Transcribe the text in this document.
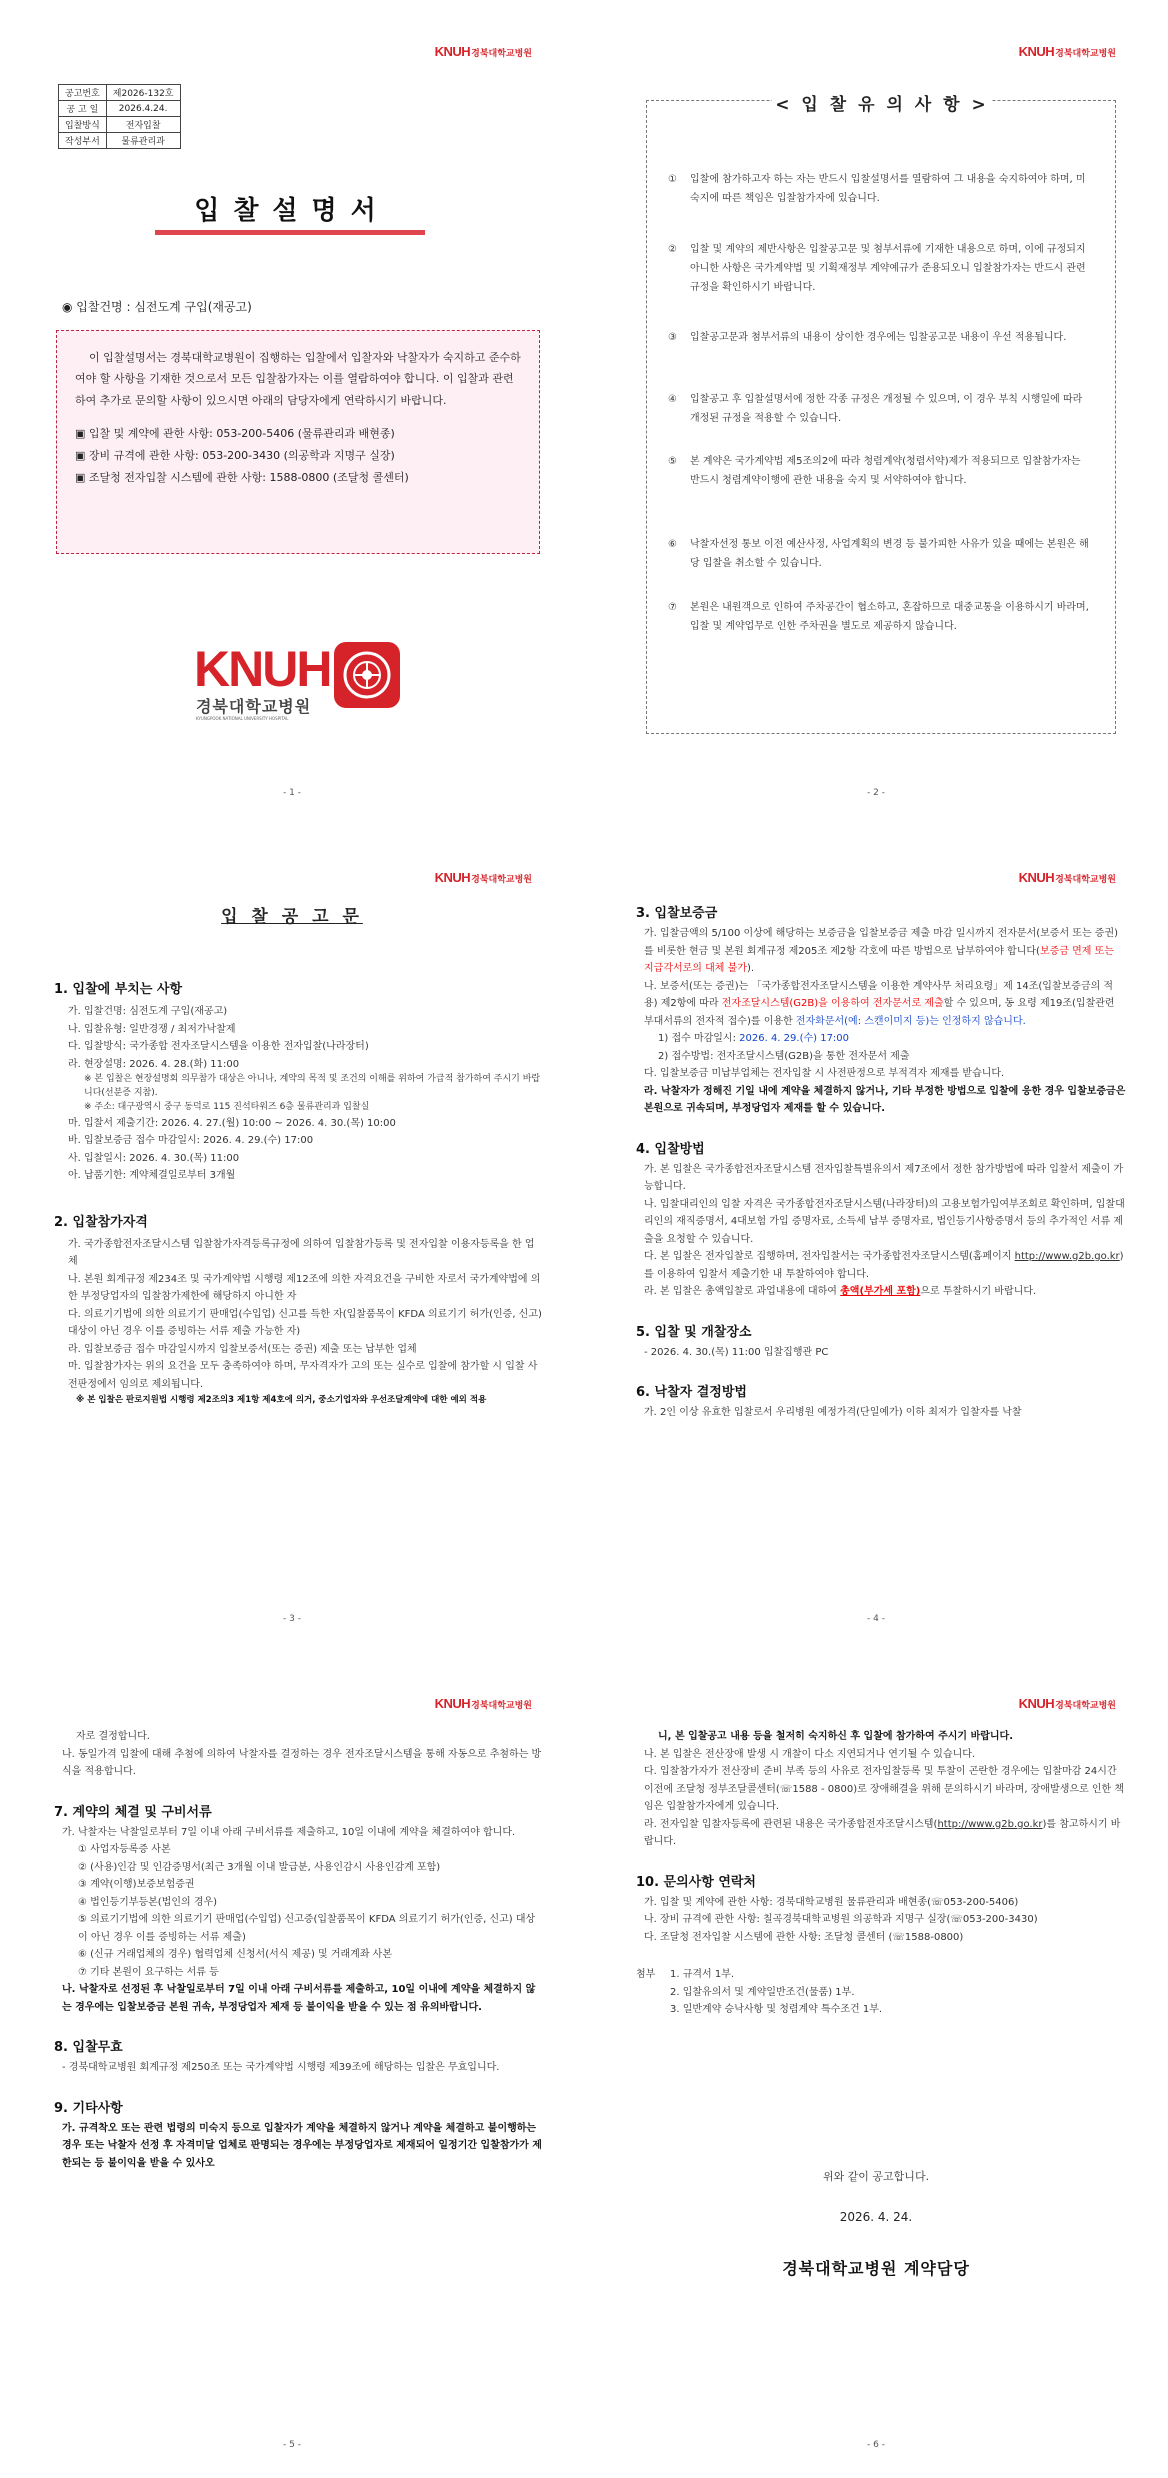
KNUH경북대학교병원
공고번호	제2026-132호
공 고 일	2026.4.24.
입찰방식	전자입찰
작성부서	물류관리과
입찰설명서
◉ 입찰건명 : 심전도계 구입(재공고)

이 입찰설명서는 경북대학교병원이 집행하는 입찰에서 입찰자와 낙찰자가 숙지하고 준수하여야 할 사항을 기재한 것으로서 모든 입찰참가자는 이를 열람하여야 합니다. 이 입찰과 관련하여 추가로 문의할 사항이 있으시면 아래의 담당자에게 연락하시기 바랍니다.

▣ 입찰 및 계약에 관한 사항: 053-200-5406 (물류관리과 배현종)
▣ 장비 규격에 관한 사항: 053-200-3430 (의공학과 지명구 실장)
▣ 조달청 전자입찰 시스템에 관한 사항: 1588-0800 (조달청 콜센터)
KNUH
경북대학교병원
KYUNGPOOK NATIONAL UNIVERSITY HOSPITAL
- 1 -
KNUH경북대학교병원
< 입 찰 유 의 사 항 >
①	입찰에 참가하고자 하는 자는 반드시 입찰설명서를 열람하여 그 내용을 숙지하여야 하며, 미숙지에 따른 책임은 입찰참가자에 있습니다.
②	입찰 및 계약의 제반사항은 입찰공고문 및 첨부서류에 기재한 내용으로 하며, 이에 규정되지 아니한 사항은 국가계약법 및 기획재정부 계약예규가 준용되오니 입찰참가자는 반드시 관련 규정을 확인하시기 바랍니다.
③	입찰공고문과 첨부서류의 내용이 상이한 경우에는 입찰공고문 내용이 우선 적용됩니다.
④	입찰공고 후 입찰설명서에 정한 각종 규정은 개정될 수 있으며, 이 경우 부칙 시행일에 따라 개정된 규정을 적용할 수 있습니다.
⑤	본 계약은 국가계약법 제5조의2에 따라 청렴계약(청렴서약)제가 적용되므로 입찰참가자는 반드시 청렴계약이행에 관한 내용을 숙지 및 서약하여야 합니다.
⑥	낙찰자선정 통보 이전 예산사정, 사업계획의 변경 등 불가피한 사유가 있을 때에는 본원은 해당 입찰을 취소할 수 있습니다.
⑦	본원은 내원객으로 인하여 주차공간이 협소하고, 혼잡하므로 대중교통을 이용하시기 바라며, 입찰 및 계약업무로 인한 주차권을 별도로 제공하지 않습니다.
- 2 -
KNUH경북대학교병원
입 찰 공 고 문
1. 입찰에 부치는 사항
가. 입찰건명: 심전도계 구입(재공고)
나. 입찰유형: 일반경쟁 / 최저가낙찰제
다. 입찰방식: 국가종합 전자조달시스템을 이용한 전자입찰(나라장터)
라. 현장설명: 2026. 4. 28.(화) 11:00
※ 본 입찰은 현장설명회 의무참가 대상은 아니나, 계약의 목적 및 조건의 이해를 위하여 가급적 참가하여 주시기 바랍니다(선분증 지참).
※ 주소: 대구광역시 중구 동덕로 115 진석타워즈 6층 물류관리과 입찰실
마. 입찰서 제출기간: 2026. 4. 27.(월) 10:00 ~ 2026. 4. 30.(목) 10:00
바. 입찰보증금 접수 마감일시: 2026. 4. 29.(수) 17:00
사. 입찰일시: 2026. 4. 30.(목) 11:00
아. 납품기한: 계약체결일로부터 3개월
2. 입찰참가자격
가. 국가종합전자조달시스템 입찰참가자격등록규정에 의하여 입찰참가등록 및 전자입찰 이용자등록을 한 업체
나. 본원 회계규정 제234조 및 국가계약법 시행령 제12조에 의한 자격요건을 구비한 자로서 국가계약법에 의한 부정당업자의 입찰참가제한에 해당하지 아니한 자
다. 의료기기법에 의한 의료기기 판매업(수입업) 신고를 득한 자(입찰품목이 KFDA 의료기기 허가(인증, 신고) 대상이 아닌 경우 이를 증빙하는 서류 제출 가능한 자)
라. 입찰보증금 접수 마감일시까지 입찰보증서(또는 증권) 제출 또는 납부한 업체
마. 입찰참가자는 위의 요건을 모두 충족하여야 하며, 무자격자가 고의 또는 실수로 입찰에 참가할 시 입찰 사전판정에서 임의로 제외됩니다.
※ 본 입찰은 판로지원법 시행령 제2조의3 제1항 제4호에 의거, 중소기업자와 우선조달계약에 대한 예외 적용
- 3 -
KNUH경북대학교병원
3. 입찰보증금
가. 입찰금액의 5/100 이상에 해당하는 보증금을 입찰보증금 제출 마감 일시까지 전자문서(보증서 또는 증권)를 비롯한 현금 및 본원 회계규정 제205조 제2항 각호에 따른 방법으로 납부하여야 합니다(보증금 면제 또는 지급각서로의 대체 불가).
나. 보증서(또는 증권)는 「국가종합전자조달시스템을 이용한 계약사무 처리요령」제 14조(입찰보증금의 적용) 제2항에 따라 전자조달시스템(G2B)을 이용하여 전자문서로 제출할 수 있으며, 동 요령 제19조(입찰관련 부대서류의 전자적 접수)를 이용한 전자화문서(예: 스캔이미지 등)는 인정하지 않습니다.
1) 접수 마감일시: 2026. 4. 29.(수) 17:00
2) 접수방법: 전자조달시스템(G2B)을 통한 전자문서 제출
다. 입찰보증금 미납부업체는 전자입찰 시 사전판정으로 부적격자 제재를 받습니다.
라. 낙찰자가 정해진 기일 내에 계약을 체결하지 않거나, 기타 부정한 방법으로 입찰에 응한 경우 입찰보증금은 본원으로 귀속되며, 부정당업자 제재를 할 수 있습니다.
4. 입찰방법
가. 본 입찰은 국가종합전자조달시스템 전자입찰특별유의서 제7조에서 정한 참가방법에 따라 입찰서 제출이 가능합니다.
나. 입찰대리인의 입찰 자격은 국가종합전자조달시스템(나라장터)의 고용보험가입여부조회로 확인하며, 입찰대리인의 재직증명서, 4대보험 가입 증명자료, 소득세 납부 증명자료, 법인등기사항증명서 등의 추가적인 서류 제출을 요청할 수 있습니다.
다. 본 입찰은 전자입찰로 집행하며, 전자입찰서는 국가종합전자조달시스템(홈페이지 http://www.g2b.go.kr)를 이용하여 입찰서 제출기한 내 투찰하여야 합니다.
라. 본 입찰은 총액입찰로 과업내용에 대하여 총액(부가세 포함)으로 투찰하시기 바랍니다.
5. 입찰 및 개찰장소
- 2026. 4. 30.(목) 11:00 입찰집행관 PC
6. 낙찰자 결정방법
가. 2인 이상 유효한 입찰로서 우리병원 예정가격(단일예가) 이하 최저가 입찰자를 낙찰
- 4 -
KNUH경북대학교병원
자로 결정합니다.
나. 동일가격 입찰에 대해 추첨에 의하여 낙찰자를 결정하는 경우 전자조달시스템을 통해 자동으로 추첨하는 방식을 적용합니다.
7. 계약의 체결 및 구비서류
가. 낙찰자는 낙찰일로부터 7일 이내 아래 구비서류를 제출하고, 10일 이내에 계약을 체결하여야 합니다.
① 사업자등록증 사본
② (사용)인감 및 인감증명서(최근 3개월 이내 발급분, 사용인감시 사용인감계 포함)
③ 계약(이행)보증보험증권
④ 법인등기부등본(법인의 경우)
⑤ 의료기기법에 의한 의료기기 판매업(수입업) 신고증(입찰품목이 KFDA 의료기기 허가(인증, 신고) 대상이 아닌 경우 이를 증빙하는 서류 제출)
⑥ (신규 거래업체의 경우) 협력업체 신청서(서식 제공) 및 거래계좌 사본
⑦ 기타 본원이 요구하는 서류 등
나. 낙찰자로 선정된 후 낙찰일로부터 7일 이내 아래 구비서류를 제출하고, 10일 이내에 계약을 체결하지 않는 경우에는 입찰보증금 본원 귀속, 부정당업자 제재 등 불이익을 받을 수 있는 점 유의바랍니다.
8. 입찰무효
- 경북대학교병원 회계규정 제250조 또는 국가계약법 시행령 제39조에 해당하는 입찰은 무효입니다.
9. 기타사항
가. 규격착오 또는 관련 법령의 미숙지 등으로 입찰자가 계약을 체결하지 않거나 계약을 체결하고 불이행하는 경우 또는 낙찰자 선정 후 자격미달 업체로 판명되는 경우에는 부정당업자로 제재되어 일정기간 입찰참가가 제한되는 등 불이익을 받을 수 있사오
- 5 -
KNUH경북대학교병원
니, 본 입찰공고 내용 등을 철저히 숙지하신 후 입찰에 참가하여 주시기 바랍니다.
나. 본 입찰은 전산장애 발생 시 개찰이 다소 지연되거나 연기될 수 있습니다.
다. 입찰참가자가 전산장비 준비 부족 등의 사유로 전자입찰등록 및 투찰이 곤란한 경우에는 입찰마감 24시간 이전에 조달청 정부조달콜센터(☏1588 - 0800)로 장애해결을 위해 문의하시기 바라며, 장애발생으로 인한 책임은 입찰참가자에게 있습니다.
라. 전자입찰 입찰자등록에 관련된 내용은 국가종합전자조달시스템(http://www.g2b.go.kr)를 참고하시기 바랍니다.
10. 문의사항 연락처
가. 입찰 및 계약에 관한 사항: 경북대학교병원 물류관리과 배현종(☏053-200-5406)
나. 장비 규격에 관한 사항: 칠곡경북대학교병원 의공학과 지명구 실장(☏053-200-3430)
다. 조달청 전자입찰 시스템에 관한 사항: 조달청 콜센터 (☏1588-0800)
첨부 1. 규격서 1부.
2. 입찰유의서 및 계약일반조건(물품) 1부.
3. 일반계약 승낙사항 및 청렴계약 특수조건 1부.
위와 같이 공고합니다.
2026. 4. 24.
경북대학교병원 계약담당
- 6 -
